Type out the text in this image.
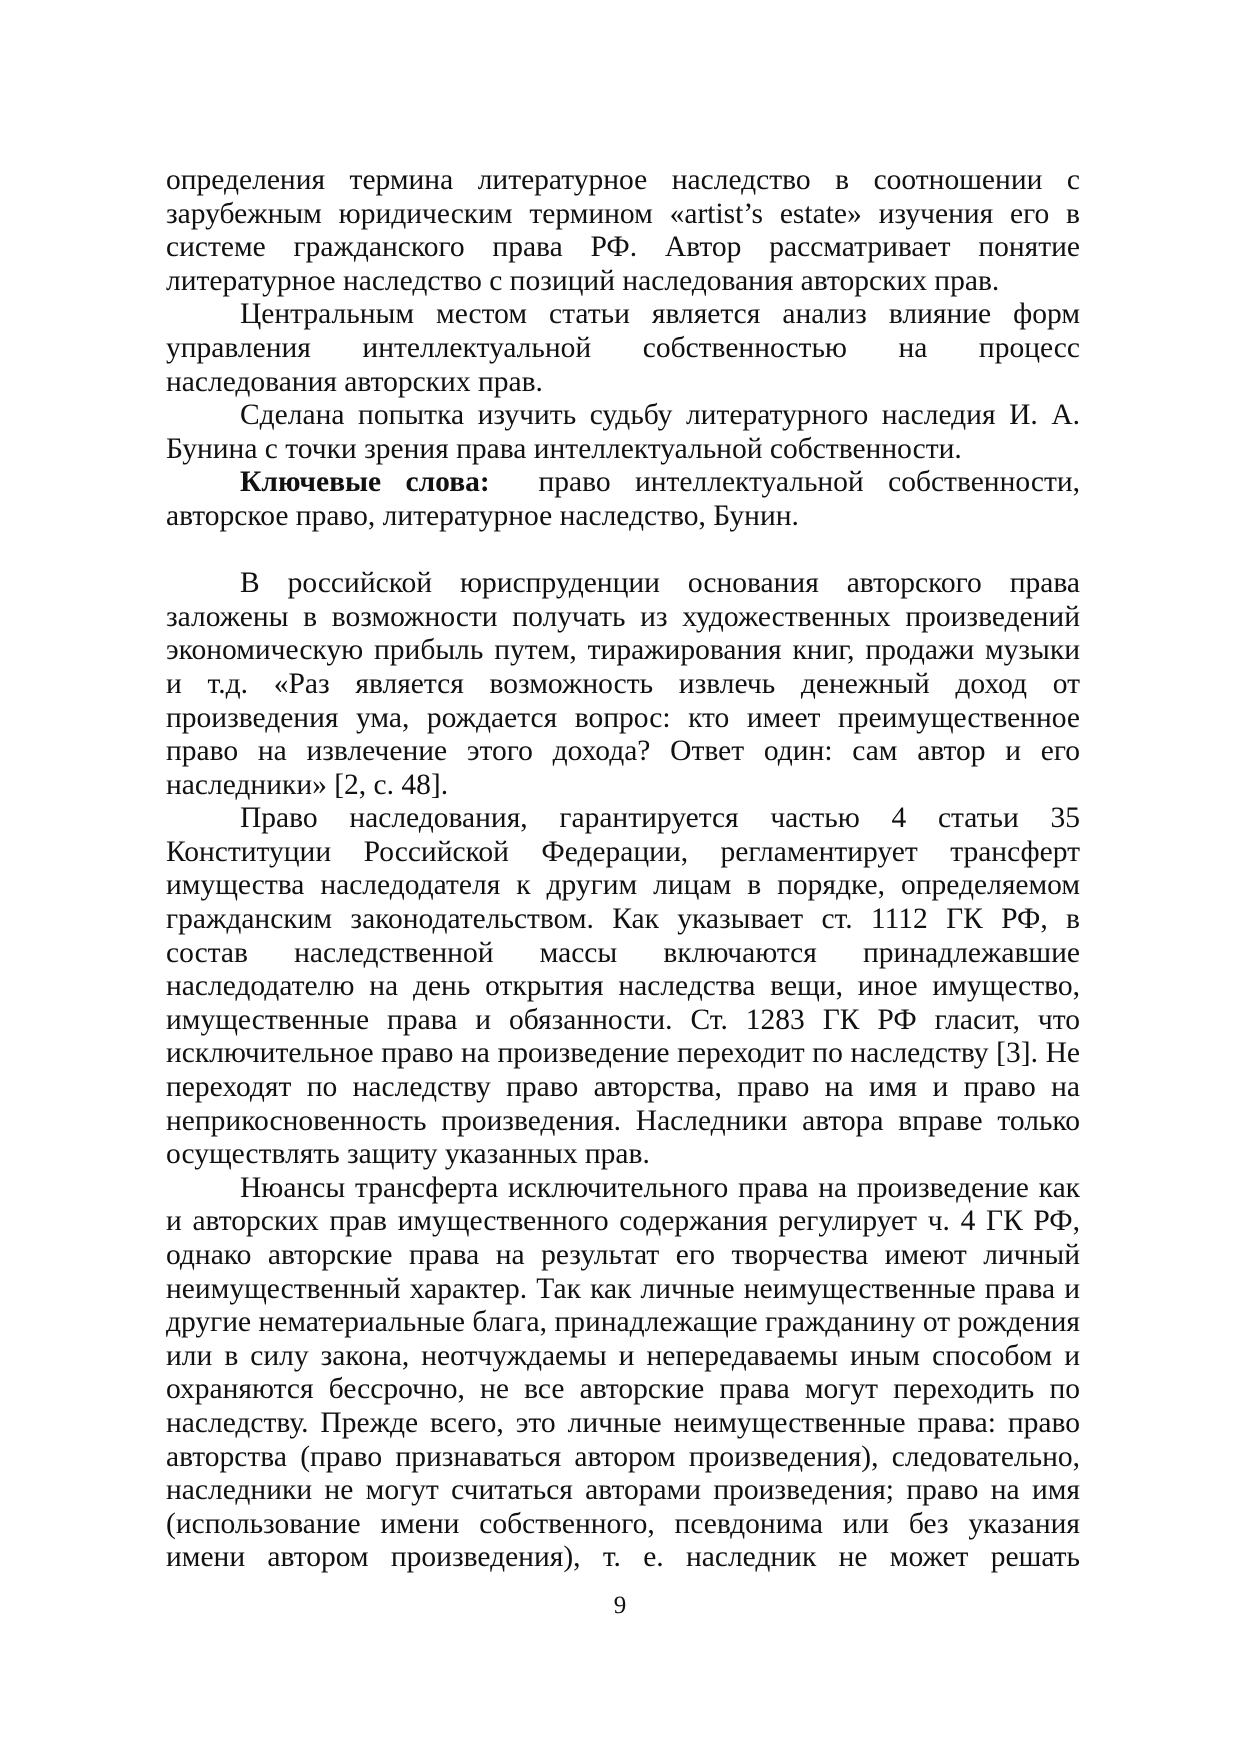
определения термина литературное наследство в соотношении с зарубежным юридическим термином «artist’s estate» изучения его в системе гражданского права РФ. Автор рассматривает понятие литературное наследство с позиций наследования авторских прав.

Центральным местом статьи является анализ влияние форм управления интеллектуальной собственностью на процесс наследования авторских прав.

Сделана попытка изучить судьбу литературного наследия И. А. Бунина с точки зрения права интеллектуальной собственности.

Ключевые слова:  право интеллектуальной собственности, авторское право, литературное наследство, Бунин.

В российской юриспруденции основания авторского права заложены в возможности получать из художественных произведений экономическую прибыль путем, тиражирования книг, продажи музыки и т.д. «Раз является возможность извлечь денежный доход от произведения ума, рождается вопрос: кто имеет преимущественное право на извлечение этого дохода? Ответ один: сам автор и его наследники» [2, с. 48].

Право наследования, гарантируется частью 4 статьи 35 Конституции Российской Федерации, регламентирует трансферт имущества наследодателя к другим лицам в порядке, определяемом гражданским законодательством. Как указывает ст. 1112 ГК РФ, в состав наследственной массы включаются принадлежавшие наследодателю на день открытия наследства вещи, иное имущество, имущественные права и обязанности. Ст. 1283 ГК РФ гласит, что исключительное право на произведение переходит по наследству [3]. Не переходят по наследству право авторства, право на имя и право на неприкосновенность произведения. Наследники автора вправе только осуществлять защиту указанных прав.

Нюансы трансферта исключительного права на произведение как и авторских прав имущественного содержания регулирует ч. 4 ГК РФ, однако авторские права на результат его творчества имеют личный неимущественный характер. Так как личные неимущественные права и другие нематериальные блага, принадлежащие гражданину от рождения или в силу закона, неотчуждаемы и непередаваемы иным способом и охраняются бессрочно, не все авторские права могут переходить по наследству. Прежде всего, это личные неимущественные права: право авторства (право признаваться автором произведения), следовательно, наследники не могут считаться авторами произведения; право на имя (использование имени собственного, псевдонима или без указания имени автором произведения), т. е. наследник не может решать

9
